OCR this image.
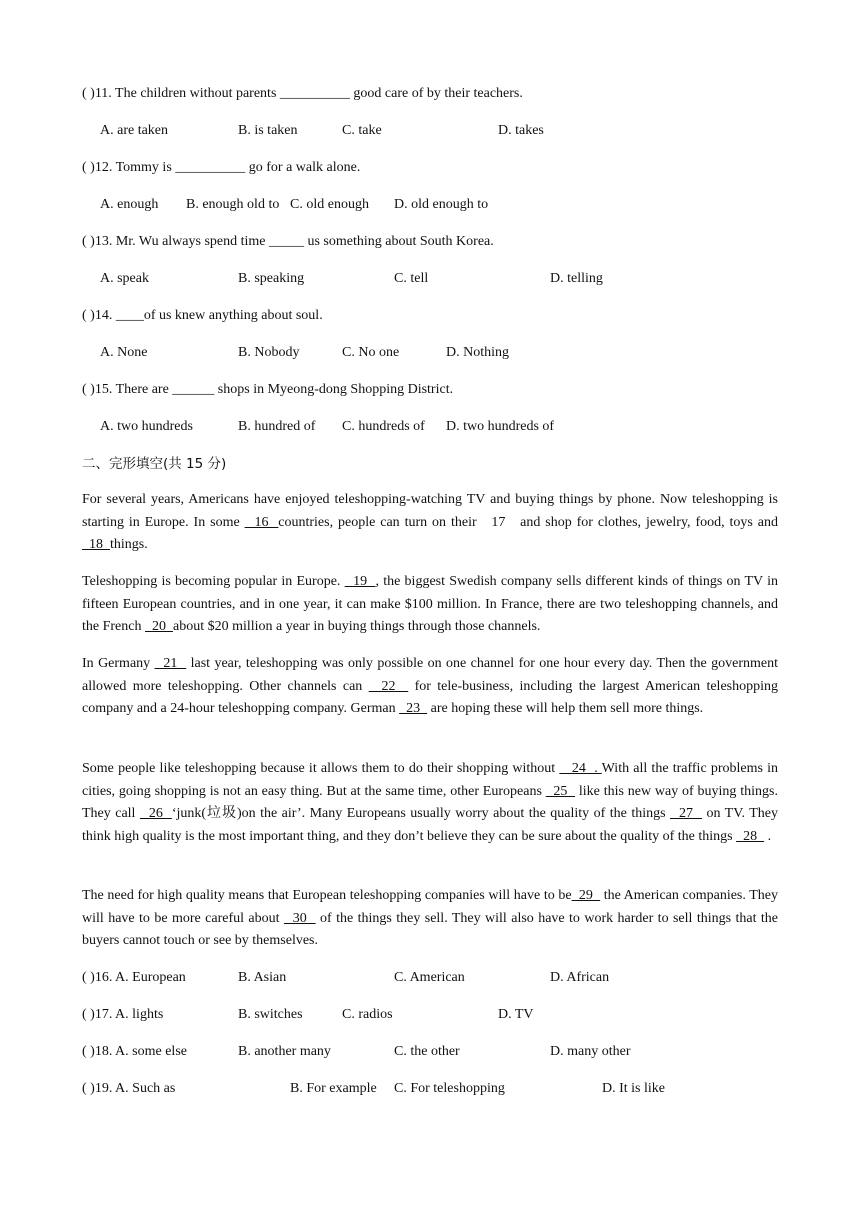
( )11. The children without parents __________ good care of by their teachers.
A. are taken	B. is taken	C. take	D. takes
( )12. Tommy is __________ go for a walk alone.
A. enough B. enough old to C. old enough D. old enough to
( )13. Mr. Wu always spend time _____ us something about South Korea.
A. speak	B. speaking	C. tell	D. telling
( )14. ____of us knew anything about soul.
A. None	B. Nobody	C. No one	D. Nothing
( )15. There are ______ shops in Myeong-dong Shopping District.
A. two hundreds	B. hundred of C. hundreds of D. two hundreds of
二、完形填空(共 15 分)

For several years, Americans have enjoyed teleshopping-watching TV and buying things by phone. Now teleshopping is starting in Europe. In some   16  countries, people can turn on their   17   and shop for clothes, jewelry, food, toys and   18  things.

Teleshopping is becoming popular in Europe.   19  , the biggest Swedish company sells different kinds of things on TV in fifteen European countries, and in one year, it can make $100 million. In France, there are two teleshopping channels, and the French   20  about $20 million a year in buying things through those channels.

In Germany   21   last year, teleshopping was only possible on one channel for one hour every day. Then the government allowed more teleshopping. Other channels can   22   for tele-business, including the largest American teleshopping company and a 24-hour teleshopping company. German   23   are hoping these will help them sell more things.

Some people like teleshopping because it allows them to do their shopping without    24  . With all the traffic problems in cities, going shopping is not an easy thing. But at the same time, other Europeans   25   like this new way of buying things. They call   26  ‘junk(垃圾)on the air’. Many Europeans usually worry about the quality of the things   27   on TV. They think high quality is the most important thing, and they don’t believe they can be sure about the quality of the things   28   .

The need for high quality means that European teleshopping companies will have to be  29   the American companies. They will have to be more careful about   30   of the things they sell. They will also have to work harder to sell things that the buyers cannot touch or see by themselves.

( )16. A. European	B. Asian	C. American	D. African
( )17. A. lights	B. switches	C. radios	D. TV
( )18. A. some else	B. another many	C. the other	D. many other
( )19. A. Such as	B. For example C. For teleshopping	D. It is like
